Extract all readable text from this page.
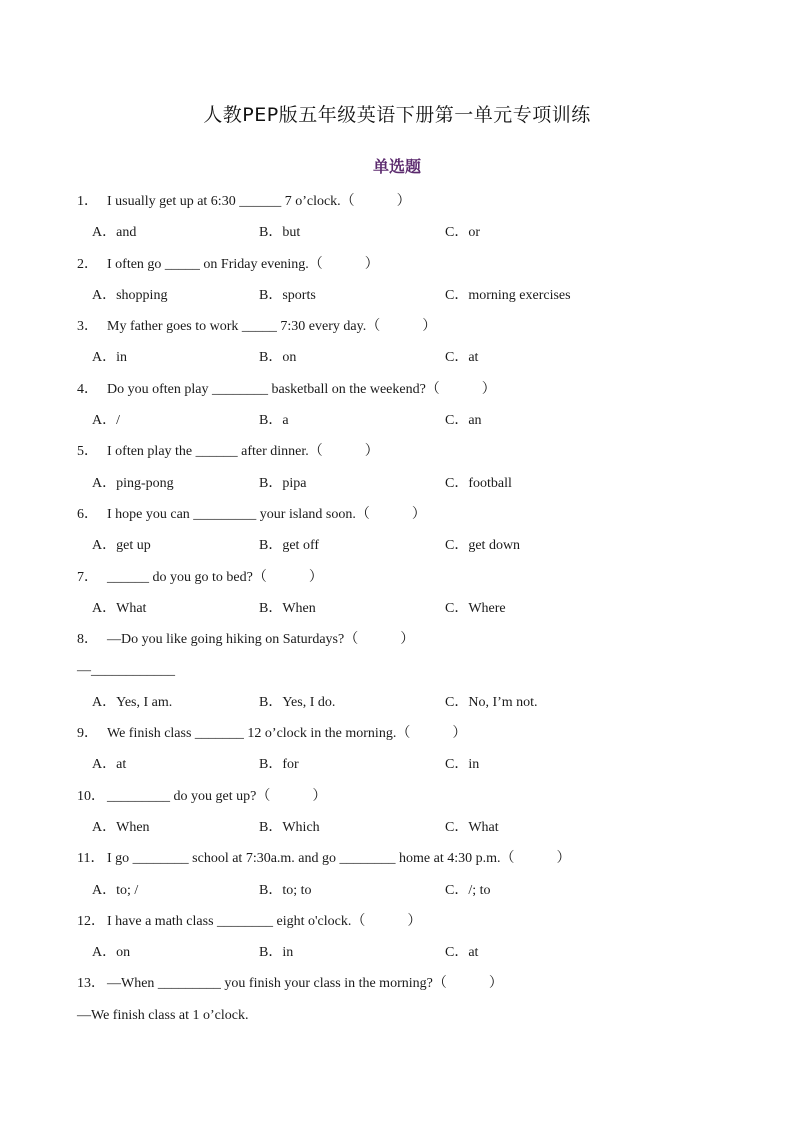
人教PEP版五年级英语下册第一单元专项训练
单选题
1． I usually get up at 6:30 ______ 7 o’clock.（　　　）
A．and	B．but	C．or
2． I often go _____ on Friday evening.（　　　）
A．shopping	B．sports	C．morning exercises
3． My father goes to work _____ 7:30 every day.（　　　）
A．in	B．on	C．at
4． Do you often play ________ basketball on the weekend?（　　　）
A．/	B．a	C．an
5． I often play the ______ after dinner.（　　　）
A．ping-pong	B．pipa	C．football
6． I hope you can _________ your island soon.（　　　）
A．get up	B．get off	C．get down
7． ______ do you go to bed?（　　　）
A．What	B．When	C．Where
8． —Do you like going hiking on Saturdays?（　　　）
—____________
A．Yes, I am.	B．Yes, I do.	C．No, I’m not.
9． We finish class _______ 12 o’clock in the morning.（　　　）
A．at	B．for	C．in
10． _________ do you get up?（　　　）
A．When	B．Which	C．What
11． I go ________ school at 7:30a.m. and go ________ home at 4:30 p.m.（　　　）
A．to; /	B．to; to	C．/; to
12． I have a math class ________ eight o'clock.（　　　）
A．on	B．in	C．at
13． —When _________ you finish your class in the morning?（　　　）
—We finish class at 1 o’clock.
